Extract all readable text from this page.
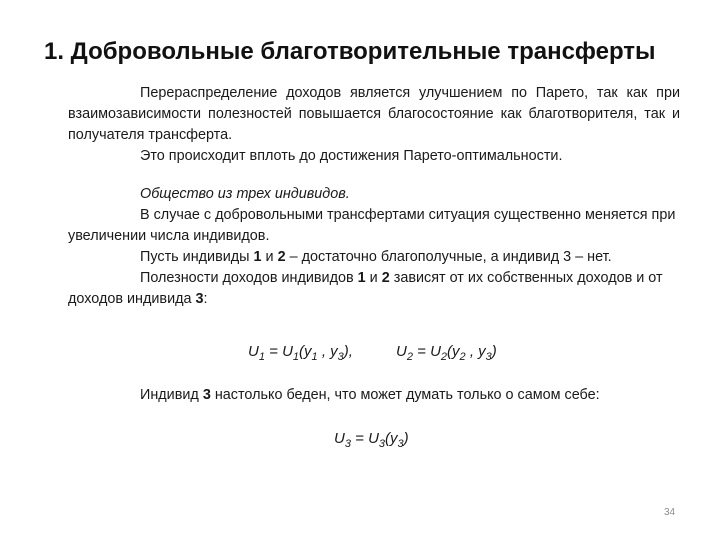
1. Добровольные благотворительные трансферты

Перераспределение доходов является улучшением по Парето, так как при взаимозависимости полезностей повышается благосостояние как благотворителя, так и получателя трансферта.

Это происходит вплоть до достижения Парето-оптимальности.

Общество из трех индивидов.

В случае с добровольными трансфертами ситуация существенно меняется при увеличении числа индивидов.

Пусть индивиды 1 и 2 – достаточно благополучные, а индивид 3 – нет.

Полезности доходов индивидов 1 и 2 зависят от их собственных доходов и от доходов индивида 3:

$U_1 = U_1(y_1$ , $y_3$),	$U_2 = U_2(y_2$ , $y_3$)
Индивид 3 настолько беден, что может думать только о самом себе:
$U_3 = U_3(y_3)$
34
